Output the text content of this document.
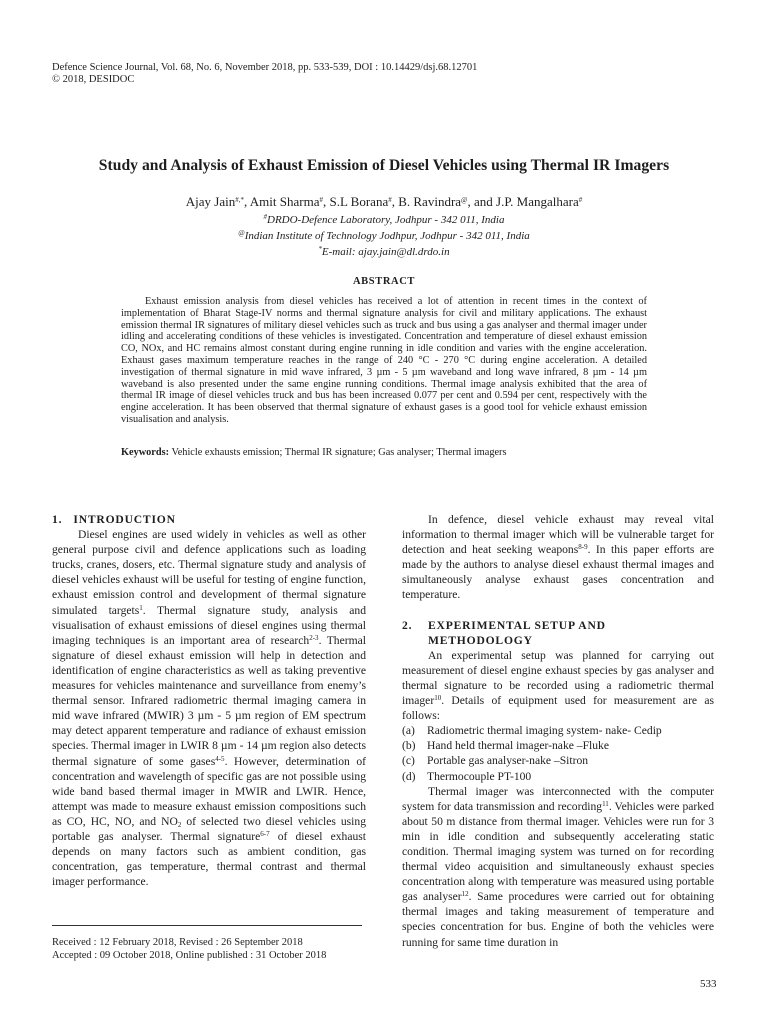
Defence Science Journal, Vol. 68, No. 6, November 2018, pp. 533-539, DOI : 10.14429/dsj.68.12701
© 2018, DESIDOC
Study and Analysis of Exhaust Emission of Diesel Vehicles using Thermal IR Imagers
Ajay Jain#,*, Amit Sharma#, S.L Borana#, B. Ravindra@, and J.P. Mangalhara#
#DRDO-Defence Laboratory, Jodhpur - 342 011, India
@Indian Institute of Technology Jodhpur, Jodhpur - 342 011, India
*E-mail: ajay.jain@dl.drdo.in
ABSTRACT

Exhaust emission analysis from diesel vehicles has received a lot of attention in recent times in the context of implementation of Bharat Stage-IV norms and thermal signature analysis for civil and military applications. The exhaust emission thermal IR signatures of military diesel vehicles such as truck and bus using a gas analyser and thermal imager under idling and accelerating conditions of these vehicles is investigated. Concentration and temperature of diesel exhaust emission CO, NOx, and HC remains almost constant during engine running in idle condition and varies with the engine acceleration. Exhaust gases maximum temperature reaches in the range of 240 °C - 270 °C during engine acceleration. A detailed investigation of thermal signature in mid wave infrared, 3 µm - 5 µm waveband and long wave infrared, 8 µm - 14 µm waveband is also presented under the same engine running conditions. Thermal image analysis exhibited that the area of thermal IR image of diesel vehicles truck and bus has been increased 0.077 per cent and 0.594 per cent, respectively with the engine acceleration. It has been observed that thermal signature of exhaust gases is a good tool for vehicle exhaust emission visualisation and analysis.

Keywords: Vehicle exhausts emission; Thermal IR signature; Gas analyser; Thermal imagers
1.   INTRODUCTION

Diesel engines are used widely in vehicles as well as other general purpose civil and defence applications such as loading trucks, cranes, dosers, etc. Thermal signature study and analysis of diesel vehicles exhaust will be useful for testing of engine function, exhaust emission control and development of thermal signature simulated targets$^1$. Thermal signature study, analysis and visualisation of exhaust emissions of diesel engines using thermal imaging techniques is an important area of research$^{2-3}$. Thermal signature of diesel exhaust emission will help in detection and identification of engine characteristics as well as taking preventive measures for vehicles maintenance and surveillance from enemy’s thermal sensor. Infrared radiometric thermal imaging camera in mid wave infrared (MWIR) 3 µm - 5 µm region of EM spectrum may detect apparent temperature and radiance of exhaust emission species. Thermal imager in LWIR 8 µm - 14 µm region also detects thermal signature of some gases$^{4-5}$. However, determination of concentration and wavelength of specific gas are not possible using wide band based thermal imager in MWIR and LWIR. Hence, attempt was made to measure exhaust emission compositions such as CO, HC, NO, and $NO_2$ of selected two diesel vehicles using portable gas analyser. Thermal signature$^{6-7}$ of diesel exhaust depends on many factors such as ambient condition, gas concentration, gas temperature, thermal contrast and thermal imager performance.

Received : 12 February 2018, Revised : 26 September 2018
Accepted : 09 October 2018, Online published : 31 October 2018

In defence, diesel vehicle exhaust may reveal vital information to thermal imager which will be vulnerable target for detection and heat seeking weapons$^{8-9}$. In this paper efforts are made by the authors to analyse diesel exhaust thermal images and simultaneously analyse exhaust gases concentration and temperature.

2. EXPERIMENTAL SETUP AND
METHODOLOGY

An experimental setup was planned for carrying out measurement of diesel engine exhaust species by gas analyser and thermal signature to be recorded using a radiometric thermal imager$^{10}$. Details of equipment used for measurement are as follows:

(a) Radiometric thermal imaging system- nake- Cedip
(b) Hand held thermal imager-nake –Fluke
(c) Portable gas analyser-nake –Sitron
(d) Thermocouple PT-100

Thermal imager was interconnected with the computer system for data transmission and recording$^{11}$. Vehicles were parked about 50 m distance from thermal imager. Vehicles were run for 3 min in idle condition and subsequently accelerating static condition. Thermal imaging system was turned on for recording thermal video acquisition and simultaneously exhaust species concentration along with temperature was measured using portable gas analyser$^{12}$. Same procedures were carried out for obtaining thermal images and taking measurement of temperature and species concentration for bus. Engine of both the vehicles were running for same time duration in

533
